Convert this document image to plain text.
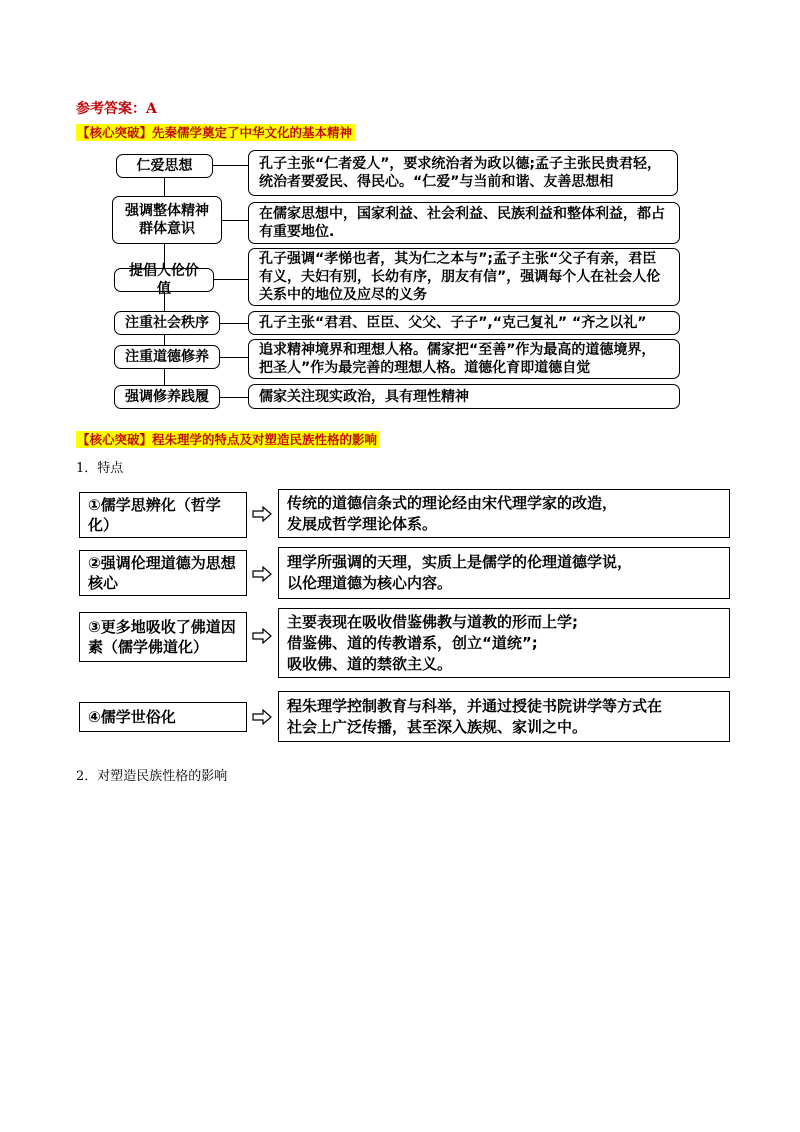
参考答案：A
【核心突破】先秦儒学奠定了中华文化的基本精神
仁爱思想
强调整体精神群体意识
提倡人伦价值
注重社会秩序
注重道德修养
强调修养践履
孔子主张“仁者爱人”，要求统治者为政以德;孟子主张民贵君轻，统治者要爱民、得民心。“仁爱”与当前和谐、友善思想相
在儒家思想中，国家利益、社会利益、民族利益和整体利益，都占有重要地位.
孔子强调“孝悌也者，其为仁之本与”;孟子主张“父子有亲，君臣有义，夫妇有别，长幼有序，朋友有信”，强调每个人在社会人伦关系中的地位及应尽的义务
孔子主张“君君、臣臣、父父、子子”,“克己复礼” “齐之以礼”
追求精神境界和理想人格。儒家把“至善”作为最高的道德境界，把圣人”作为最完善的理想人格。道德化育即道德自觉
儒家关注现实政治，具有理性精神
【核心突破】程朱理学的特点及对塑造民族性格的影响
1．特点
①儒学思辨化（哲学化）
传统的道德信条式的理论经由宋代理学家的改造，
发展成哲学理论体系。
②强调伦理道德为思想核心
理学所强调的天理，实质上是儒学的伦理道德学说，
以伦理道德为核心内容。
③更多地吸收了佛道因素（儒学佛道化）
主要表现在吸收借鉴佛教与道教的形而上学;
借鉴佛、道的传教谱系，创立“道统”;
吸收佛、道的禁欲主义。
④儒学世俗化
程朱理学控制教育与科举，并通过授徒书院讲学等方式在
社会上广泛传播，甚至深入族规、家训之中。
2．对塑造民族性格的影响
